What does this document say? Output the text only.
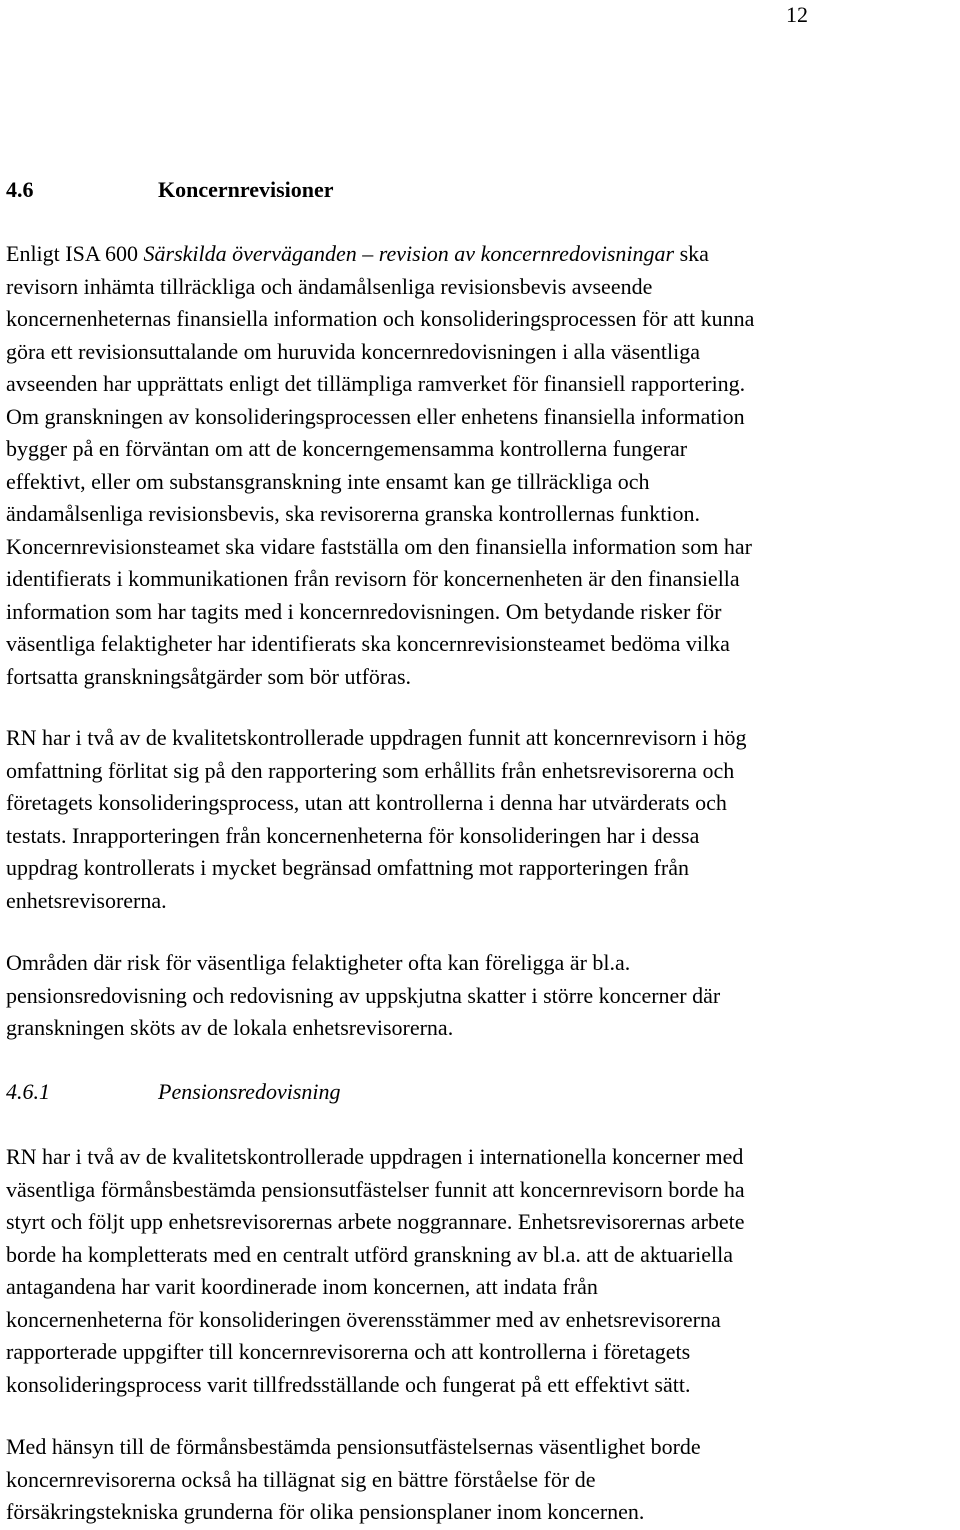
12
4.6	Koncernrevisioner
Enligt ISA 600 Särskilda överväganden – revision av koncernredovisningar ska
revisorn inhämta tillräckliga och ändamålsenliga revisionsbevis avseende
koncernenheternas finansiella information och konsolideringsprocessen för att kunna
göra ett revisionsuttalande om huruvida koncernredovisningen i alla väsentliga
avseenden har upprättats enligt det tillämpliga ramverket för finansiell rapportering.
Om granskningen av konsolideringsprocessen eller enhetens finansiella information
bygger på en förväntan om att de koncerngemensamma kontrollerna fungerar
effektivt, eller om substansgranskning inte ensamt kan ge tillräckliga och
ändamålsenliga revisionsbevis, ska revisorerna granska kontrollernas funktion.
Koncernrevisionsteamet ska vidare fastställa om den finansiella information som har
identifierats i kommunikationen från revisorn för koncernenheten är den finansiella
information som har tagits med i koncernredovisningen. Om betydande risker för
väsentliga felaktigheter har identifierats ska koncernrevisionsteamet bedöma vilka
fortsatta granskningsåtgärder som bör utföras.
RN har i två av de kvalitetskontrollerade uppdragen funnit att koncernrevisorn i hög
omfattning förlitat sig på den rapportering som erhållits från enhetsrevisorerna och
företagets konsolideringsprocess, utan att kontrollerna i denna har utvärderats och
testats. Inrapporteringen från koncernenheterna för konsolideringen har i dessa
uppdrag kontrollerats i mycket begränsad omfattning mot rapporteringen från
enhetsrevisorerna.
Områden där risk för väsentliga felaktigheter ofta kan föreligga är bl.a.
pensionsredovisning och redovisning av uppskjutna skatter i större koncerner där
granskningen sköts av de lokala enhetsrevisorerna.
4.6.1	Pensionsredovisning
RN har i två av de kvalitetskontrollerade uppdragen i internationella koncerner med
väsentliga förmånsbestämda pensionsutfästelser funnit att koncernrevisorn borde ha
styrt och följt upp enhetsrevisorernas arbete noggrannare. Enhetsrevisorernas arbete
borde ha kompletterats med en centralt utförd granskning av bl.a. att de aktuariella
antagandena har varit koordinerade inom koncernen, att indata från
koncernenheterna för konsolideringen överensstämmer med av enhetsrevisorerna
rapporterade uppgifter till koncernrevisorerna och att kontrollerna i företagets
konsolideringsprocess varit tillfredsställande och fungerat på ett effektivt sätt.
Med hänsyn till de förmånsbestämda pensionsutfästelsernas väsentlighet borde
koncernrevisorerna också ha tillägnat sig en bättre förståelse för de
försäkringstekniska grunderna för olika pensionsplaner inom koncernen.
